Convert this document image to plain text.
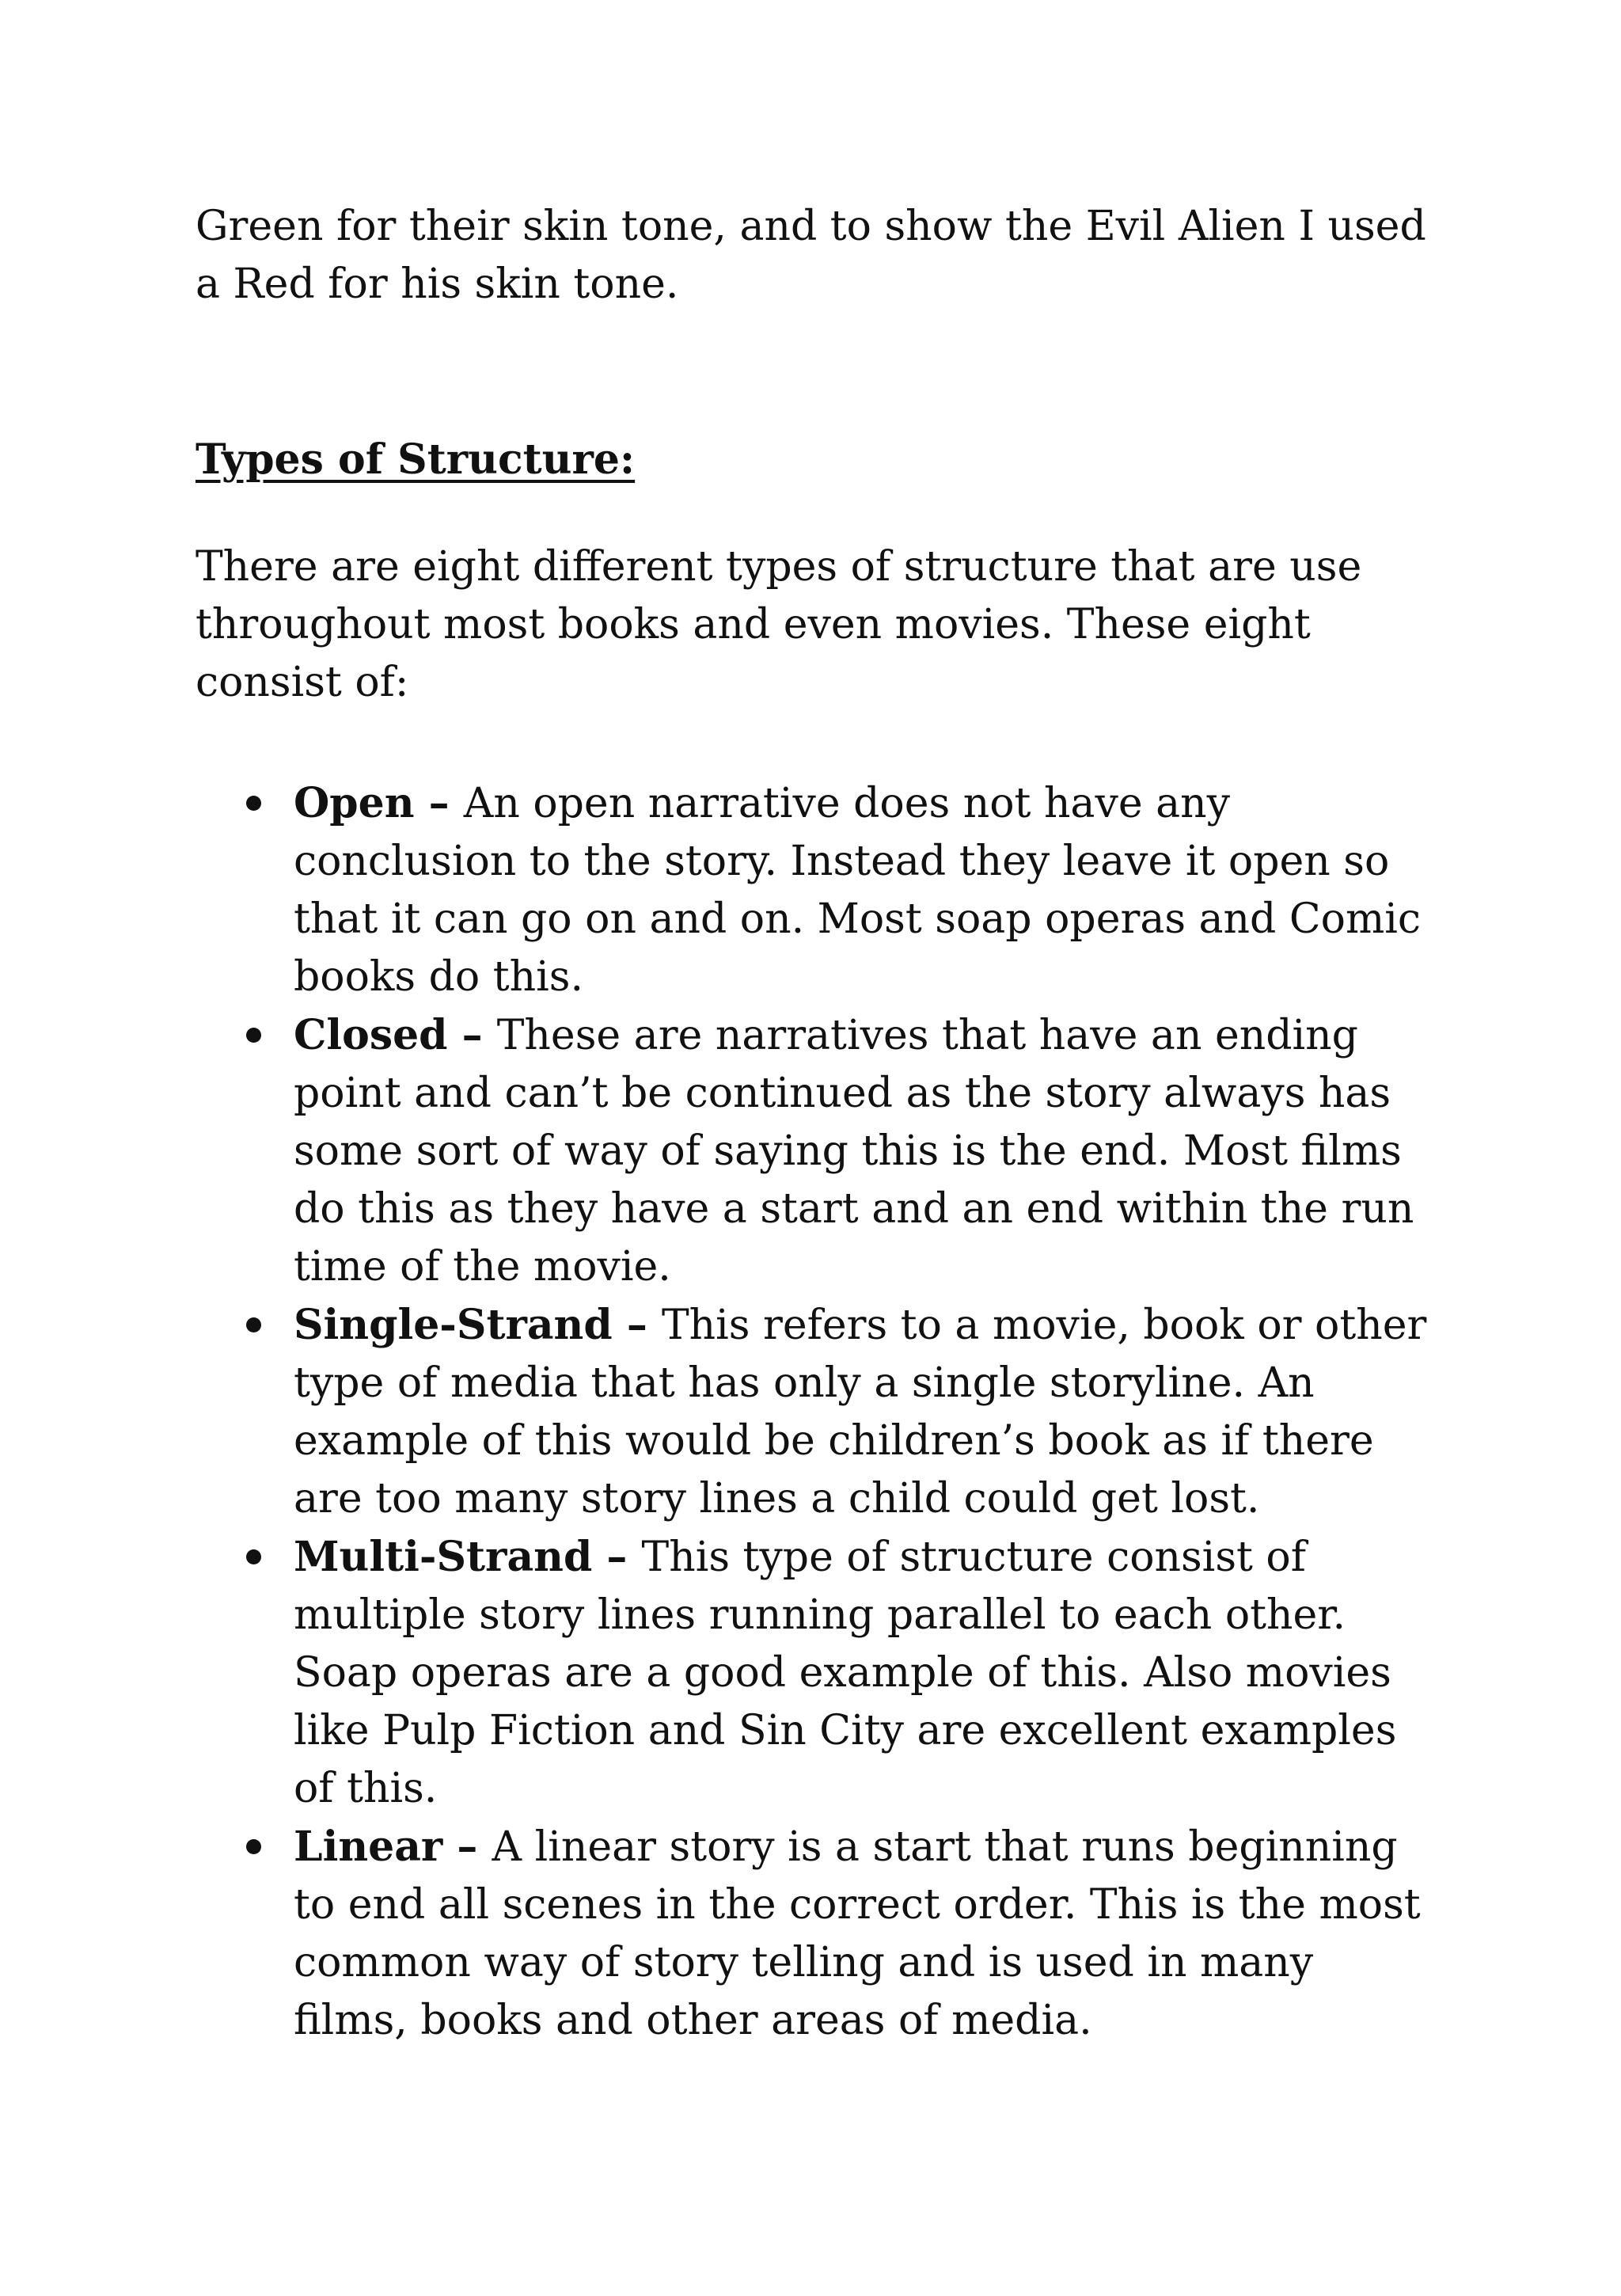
Green for their skin tone, and to show the Evil Alien I used a Red for his skin tone.

Types of Structure:

There are eight different types of structure that are use throughout most books and even movies. These eight consist of:

Open – An open narrative does not have any conclusion to the story. Instead they leave it open so that it can go on and on. Most soap operas and Comic books do this.
Closed – These are narratives that have an ending point and can’t be continued as the story always has some sort of way of saying this is the end. Most films do this as they have a start and an end within the run time of the movie.
Single-Strand – This refers to a movie, book or other type of media that has only a single storyline. An example of this would be children’s book as if there are too many story lines a child could get lost.
Multi-Strand – This type of structure consist of multiple story lines running parallel to each other. Soap operas are a good example of this. Also movies like Pulp Fiction and Sin City are excellent examples of this.
Linear – A linear story is a start that runs beginning to end all scenes in the correct order. This is the most common way of story telling and is used in many films, books and other areas of media.
